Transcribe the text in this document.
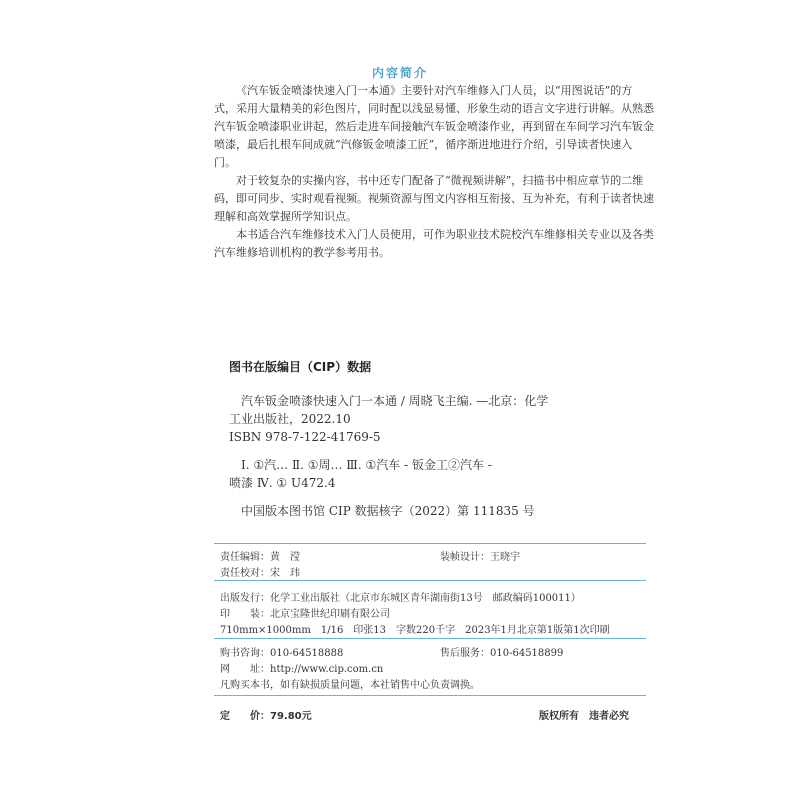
内容简介

《汽车钣金喷漆快速入门一本通》主要针对汽车维修入门人员，以“用图说话”的方式，采用大量精美的彩色图片，同时配以浅显易懂、形象生动的语言文字进行讲解。从熟悉汽车钣金喷漆职业讲起，然后走进车间接触汽车钣金喷漆作业，再到留在车间学习汽车钣金喷漆，最后扎根车间成就“汽修钣金喷漆工匠”，循序渐进地进行介绍，引导读者快速入门。

对于较复杂的实操内容，书中还专门配备了“微视频讲解”，扫描书中相应章节的二维码，即可同步、实时观看视频。视频资源与图文内容相互衔接、互为补充，有利于读者快速理解和高效掌握所学知识点。

本书适合汽车维修技术入门人员使用，可作为职业技术院校汽车维修相关专业以及各类汽车维修培训机构的教学参考用书。

图书在版编目（CIP）数据
汽车钣金喷漆快速入门一本通 / 周晓飞主编. —北京：化学
工业出版社，2022.10
ISBN 978-7-122-41769-5
Ⅰ. ①汽… Ⅱ. ①周… Ⅲ. ①汽车 - 钣金工②汽车 -
喷漆 Ⅳ. ① U472.4
中国版本图书馆 CIP 数据核字（2022）第 111835 号
责任编辑：黄　滢	装帧设计：王晓宇
责任校对：宋　玮
出版发行：化学工业出版社（北京市东城区青年湖南街13号　邮政编码100011）
印　　装：北京宝隆世纪印刷有限公司
710mm×1000mm　1/16　印张13　字数220千字　2023年1月北京第1版第1次印刷
购书咨询：010-64518888	售后服务：010-64518899
网　　址：http://www.cip.com.cn
凡购买本书，如有缺损质量问题，本社销售中心负责调换。
定　　价：79.80元	版权所有　违者必究
